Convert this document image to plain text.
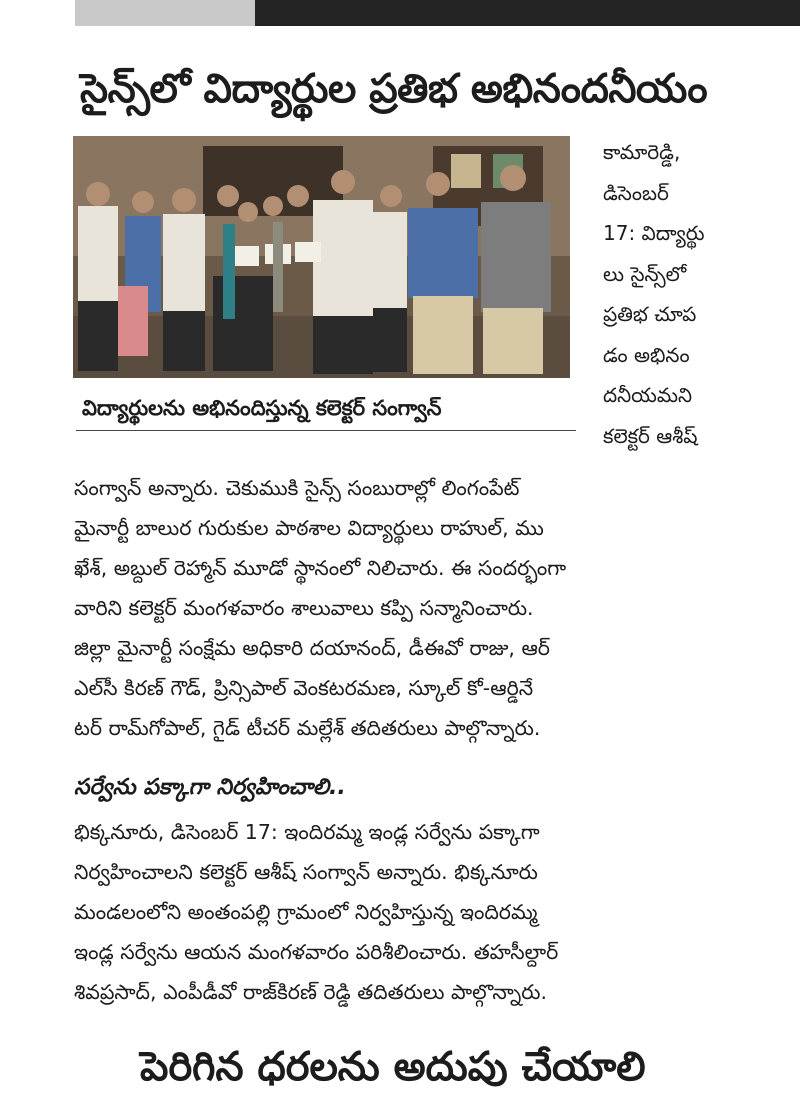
సైన్స్‌లో విద్యార్థుల ప్రతిభ అభినందనీయం
విద్యార్థులను అభినందిస్తున్న కలెక్టర్ సంగ్వాన్
కామారెడ్డి,
డిసెంబర్
17: విద్యార్థు
లు సైన్స్‌లో
ప్రతిభ చూప
డం అభినం
దనీయమని
కలెక్టర్ ఆశీష్
సంగ్వాన్ అన్నారు. చెకుముకి సైన్స్ సంబురాల్లో లింగంపేట్
మైనార్టీ బాలుర గురుకుల పాఠశాల విద్యార్థులు రాహుల్, ము
ఖేశ్, అబ్దుల్ రెహ్మాన్ మూడో స్థానంలో నిలిచారు. ఈ సందర్భంగా
వారిని కలెక్టర్ మంగళవారం శాలువాలు కప్పి సన్మానించారు.
జిల్లా మైనార్టీ సంక్షేమ అధికారి దయానంద్, డీఈవో రాజు, ఆర్
ఎల్‌సీ కిరణ్ గౌడ్, ప్రిన్సిపాల్ వెంకటరమణ, స్కూల్ కో-ఆర్డినే
టర్ రామ్‌గోపాల్, గైడ్ టీచర్ మల్లేశ్ తదితరులు పాల్గొన్నారు.
సర్వేను పక్కాగా నిర్వహించాలి..
భిక్కనూరు, డిసెంబర్ 17: ఇందిరమ్మ ఇండ్ల సర్వేను పక్కాగా
నిర్వహించాలని కలెక్టర్ ఆశీష్ సంగ్వాన్ అన్నారు. భిక్కనూరు
మండలంలోని అంతంపల్లి గ్రామంలో నిర్వహిస్తున్న ఇందిరమ్మ
ఇండ్ల సర్వేను ఆయన మంగళవారం పరిశీలించారు. తహసీల్దార్
శివప్రసాద్, ఎంపీడీవో రాజ్‌కిరణ్ రెడ్డి తదితరులు పాల్గొన్నారు.
పెరిగిన ధరలను అదుపు చేయాలి
